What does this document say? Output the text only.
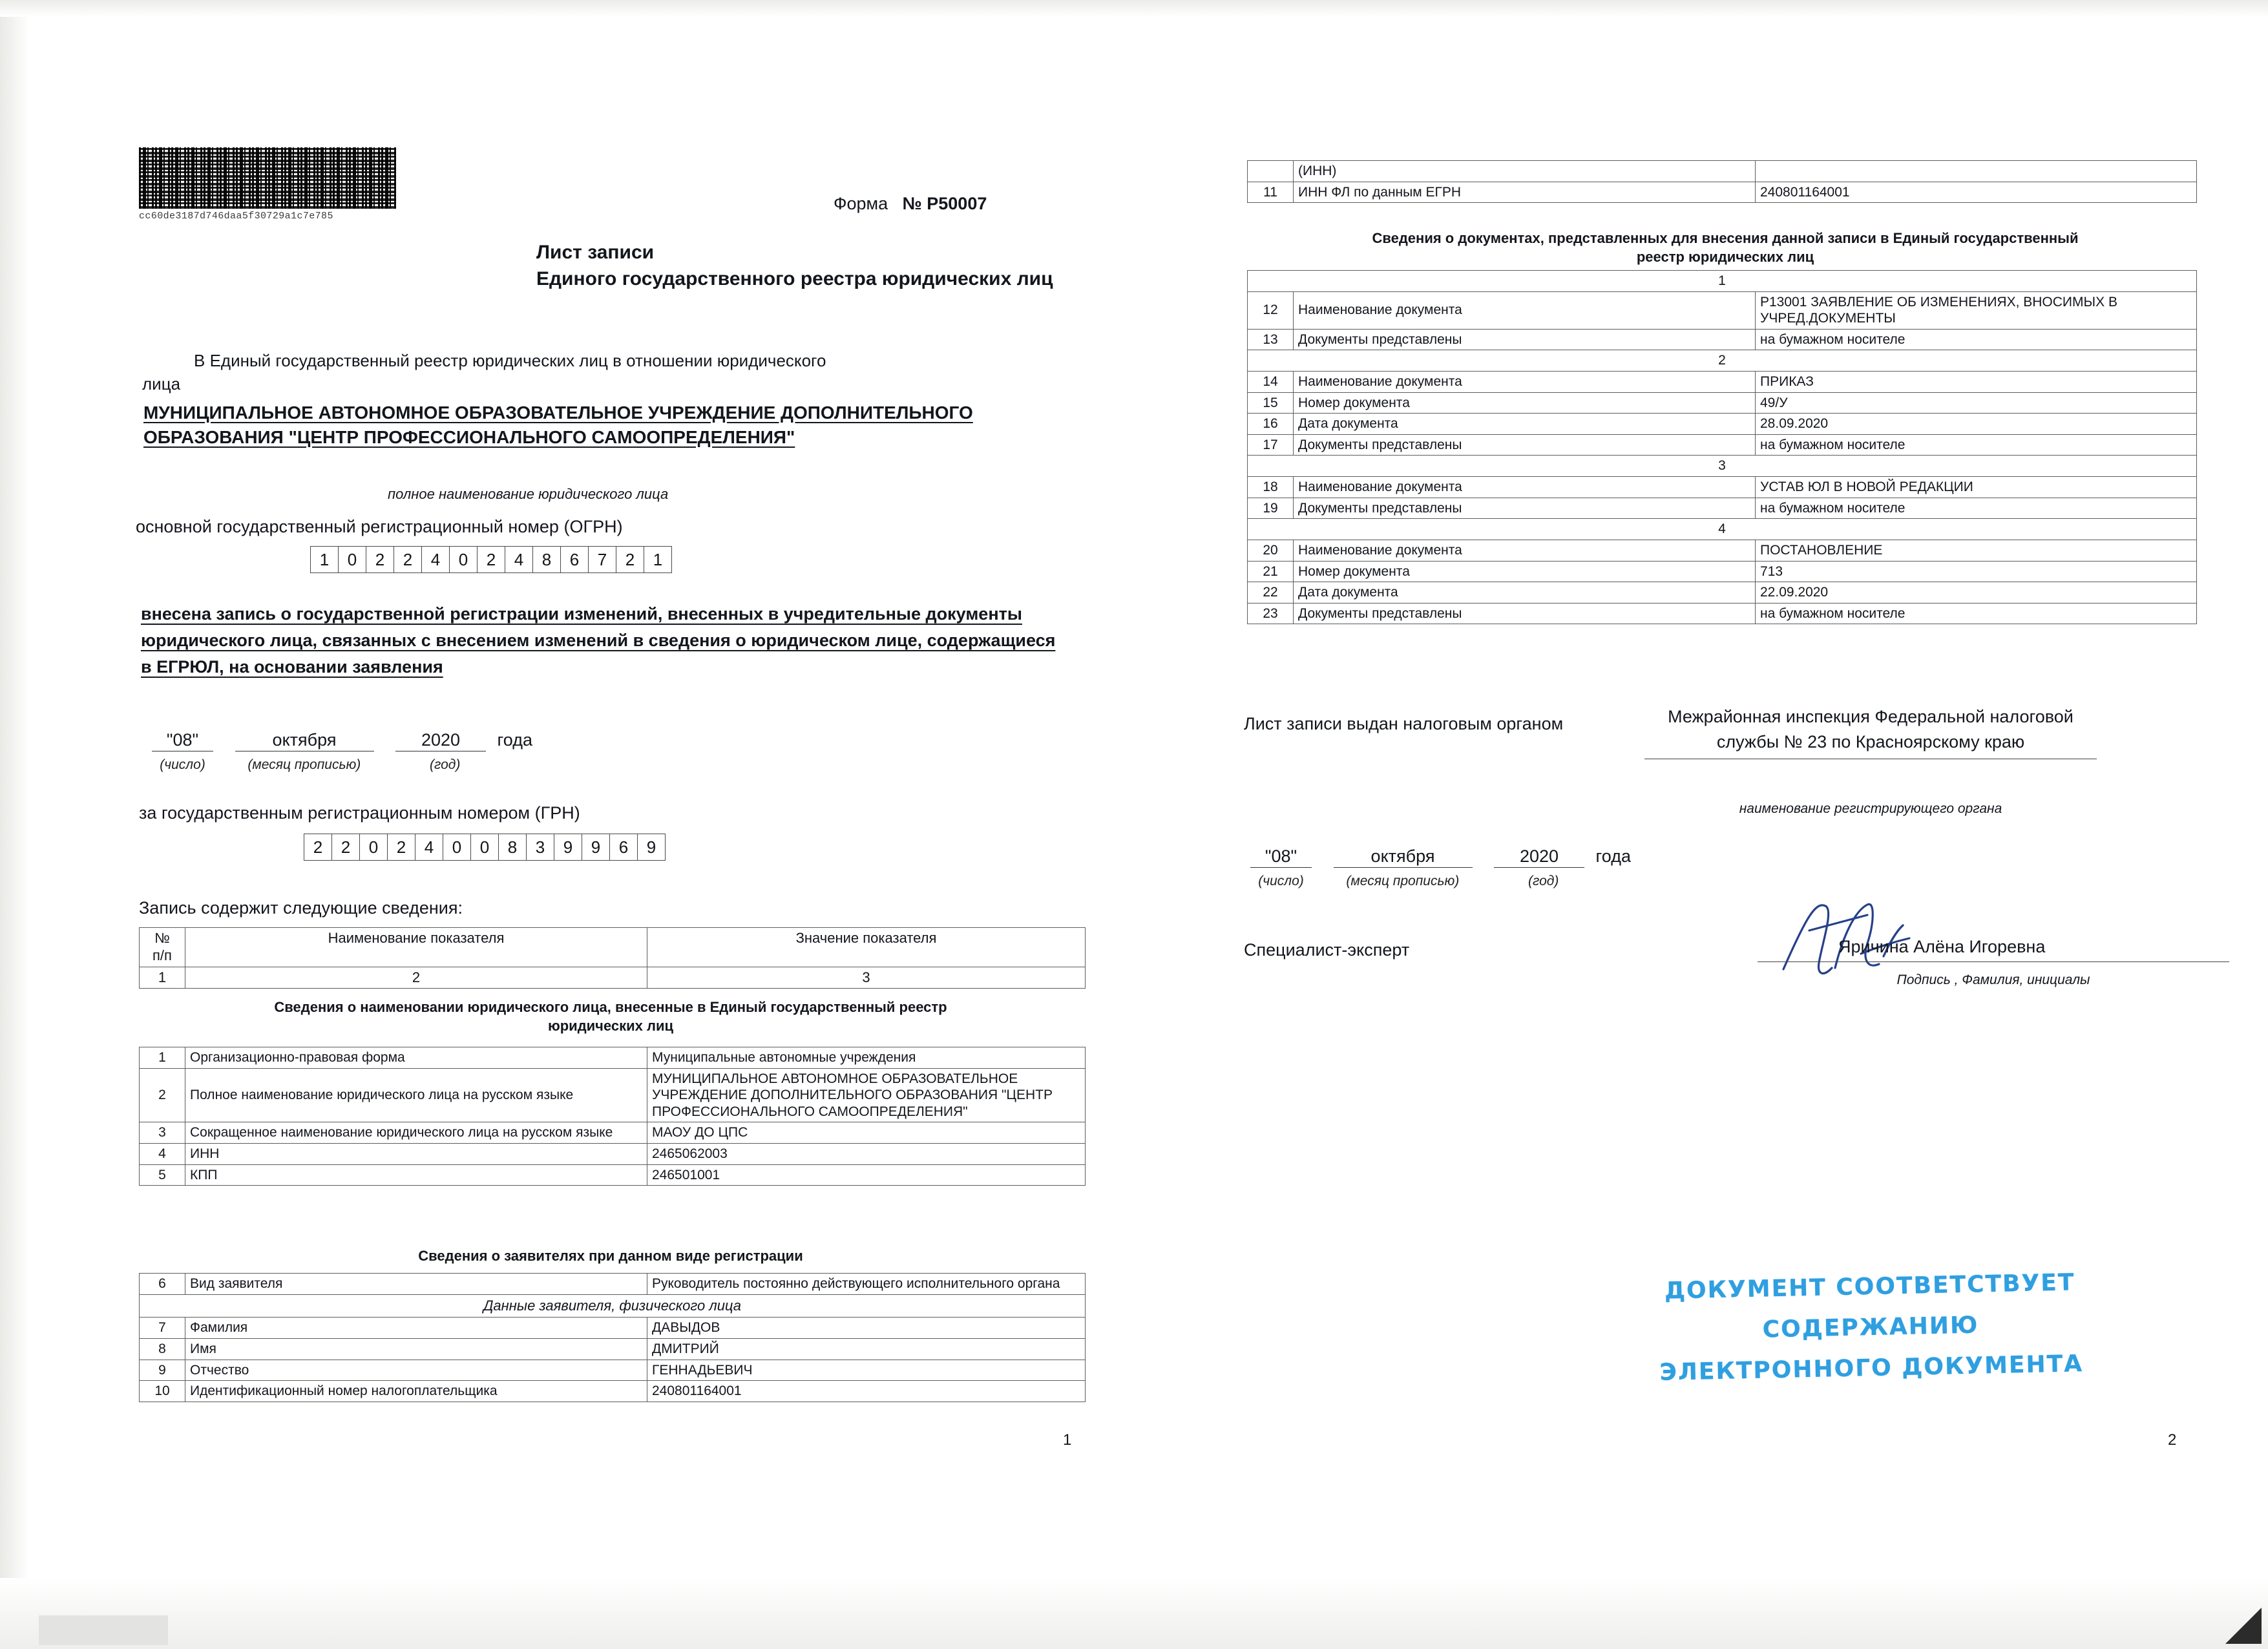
cc60de3187d746daa5f30729a1c7e785
Форма № Р50007
Лист записи
Единого государственного реестра юридических лиц
В Единый государственный реестр юридических лиц в отношении юридического
лица
МУНИЦИПАЛЬНОЕ АВТОНОМНОЕ ОБРАЗОВАТЕЛЬНОЕ УЧРЕЖДЕНИЕ ДОПОЛНИТЕЛЬНОГО ОБРАЗОВАНИЯ "ЦЕНТР ПРОФЕССИОНАЛЬНОГО САМООПРЕДЕЛЕНИЯ"
полное наименование юридического лица
основной государственный регистрационный номер (ОГРН)
1	0	2	2	4	0	2	4	8	6	7	2	1
внесена запись о государственной регистрации изменений, внесенных в учредительные документы юридического лица, связанных с внесением изменений в сведения о юридическом лице, содержащиеся в ЕГРЮЛ, на основании заявления
"08"	октября	2020 года
(число)	(месяц прописью)	(год)
за государственным регистрационным номером (ГРН)
2	2	0	2	4	0	0	8	3	9	9	6	9
Запись содержит следующие сведения:
№
п/п	Наименование показателя	Значение показателя
1	2	3
Сведения о наименовании юридического лица, внесенные в Единый государственный реестр
юридических лиц
1	Организационно-правовая форма	Муниципальные автономные учреждения
2	Полное наименование юридического лица на русском языке	МУНИЦИПАЛЬНОЕ АВТОНОМНОЕ ОБРАЗОВАТЕЛЬНОЕ УЧРЕЖДЕНИЕ ДОПОЛНИТЕЛЬНОГО ОБРАЗОВАНИЯ "ЦЕНТР ПРОФЕССИОНАЛЬНОГО САМООПРЕДЕЛЕНИЯ"
3	Сокращенное наименование юридического лица на русском языке	МАОУ ДО ЦПС
4	ИНН	2465062003
5	КПП	246501001
Сведения о заявителях при данном виде регистрации
6	Вид заявителя	Руководитель постоянно действующего исполнительного органа
Данные заявителя, физического лица		
7	Фамилия	ДАВЫДОВ
8	Имя	ДМИТРИЙ
9	Отчество	ГЕННАДЬЕВИЧ
10	Идентификационный номер налогоплательщика	240801164001
1
	(ИНН)	
11	ИНН ФЛ по данным ЕГРН	240801164001
Сведения о документах, представленных для внесения данной записи в Единый государственный
реестр юридических лиц
1		
12	Наименование документа	Р13001 ЗАЯВЛЕНИЕ ОБ ИЗМЕНЕНИЯХ, ВНОСИМЫХ В УЧРЕД.ДОКУМЕНТЫ
13	Документы представлены	на бумажном носителе
2		
14	Наименование документа	ПРИКАЗ
15	Номер документа	49/У
16	Дата документа	28.09.2020
17	Документы представлены	на бумажном носителе
3		
18	Наименование документа	УСТАВ ЮЛ В НОВОЙ РЕДАКЦИИ
19	Документы представлены	на бумажном носителе
4		
20	Наименование документа	ПОСТАНОВЛЕНИЕ
21	Номер документа	713
22	Дата документа	22.09.2020
23	Документы представлены	на бумажном носителе
Лист записи выдан налоговым органом	Межрайонная инспекция Федеральной налоговой службы № 23 по Красноярскому краю
наименование регистрирующего органа
"08"	октября	2020 года
(число)	(месяц прописью)	(год)
Специалист-эксперт	Яричина Алёна Игоревна
Подпись , Фамилия, инициалы
ДОКУМЕНТ СООТВЕТСТВУЕТ
СОДЕРЖАНИЮ
ЭЛЕКТРОННОГО ДОКУМЕНТА
2
